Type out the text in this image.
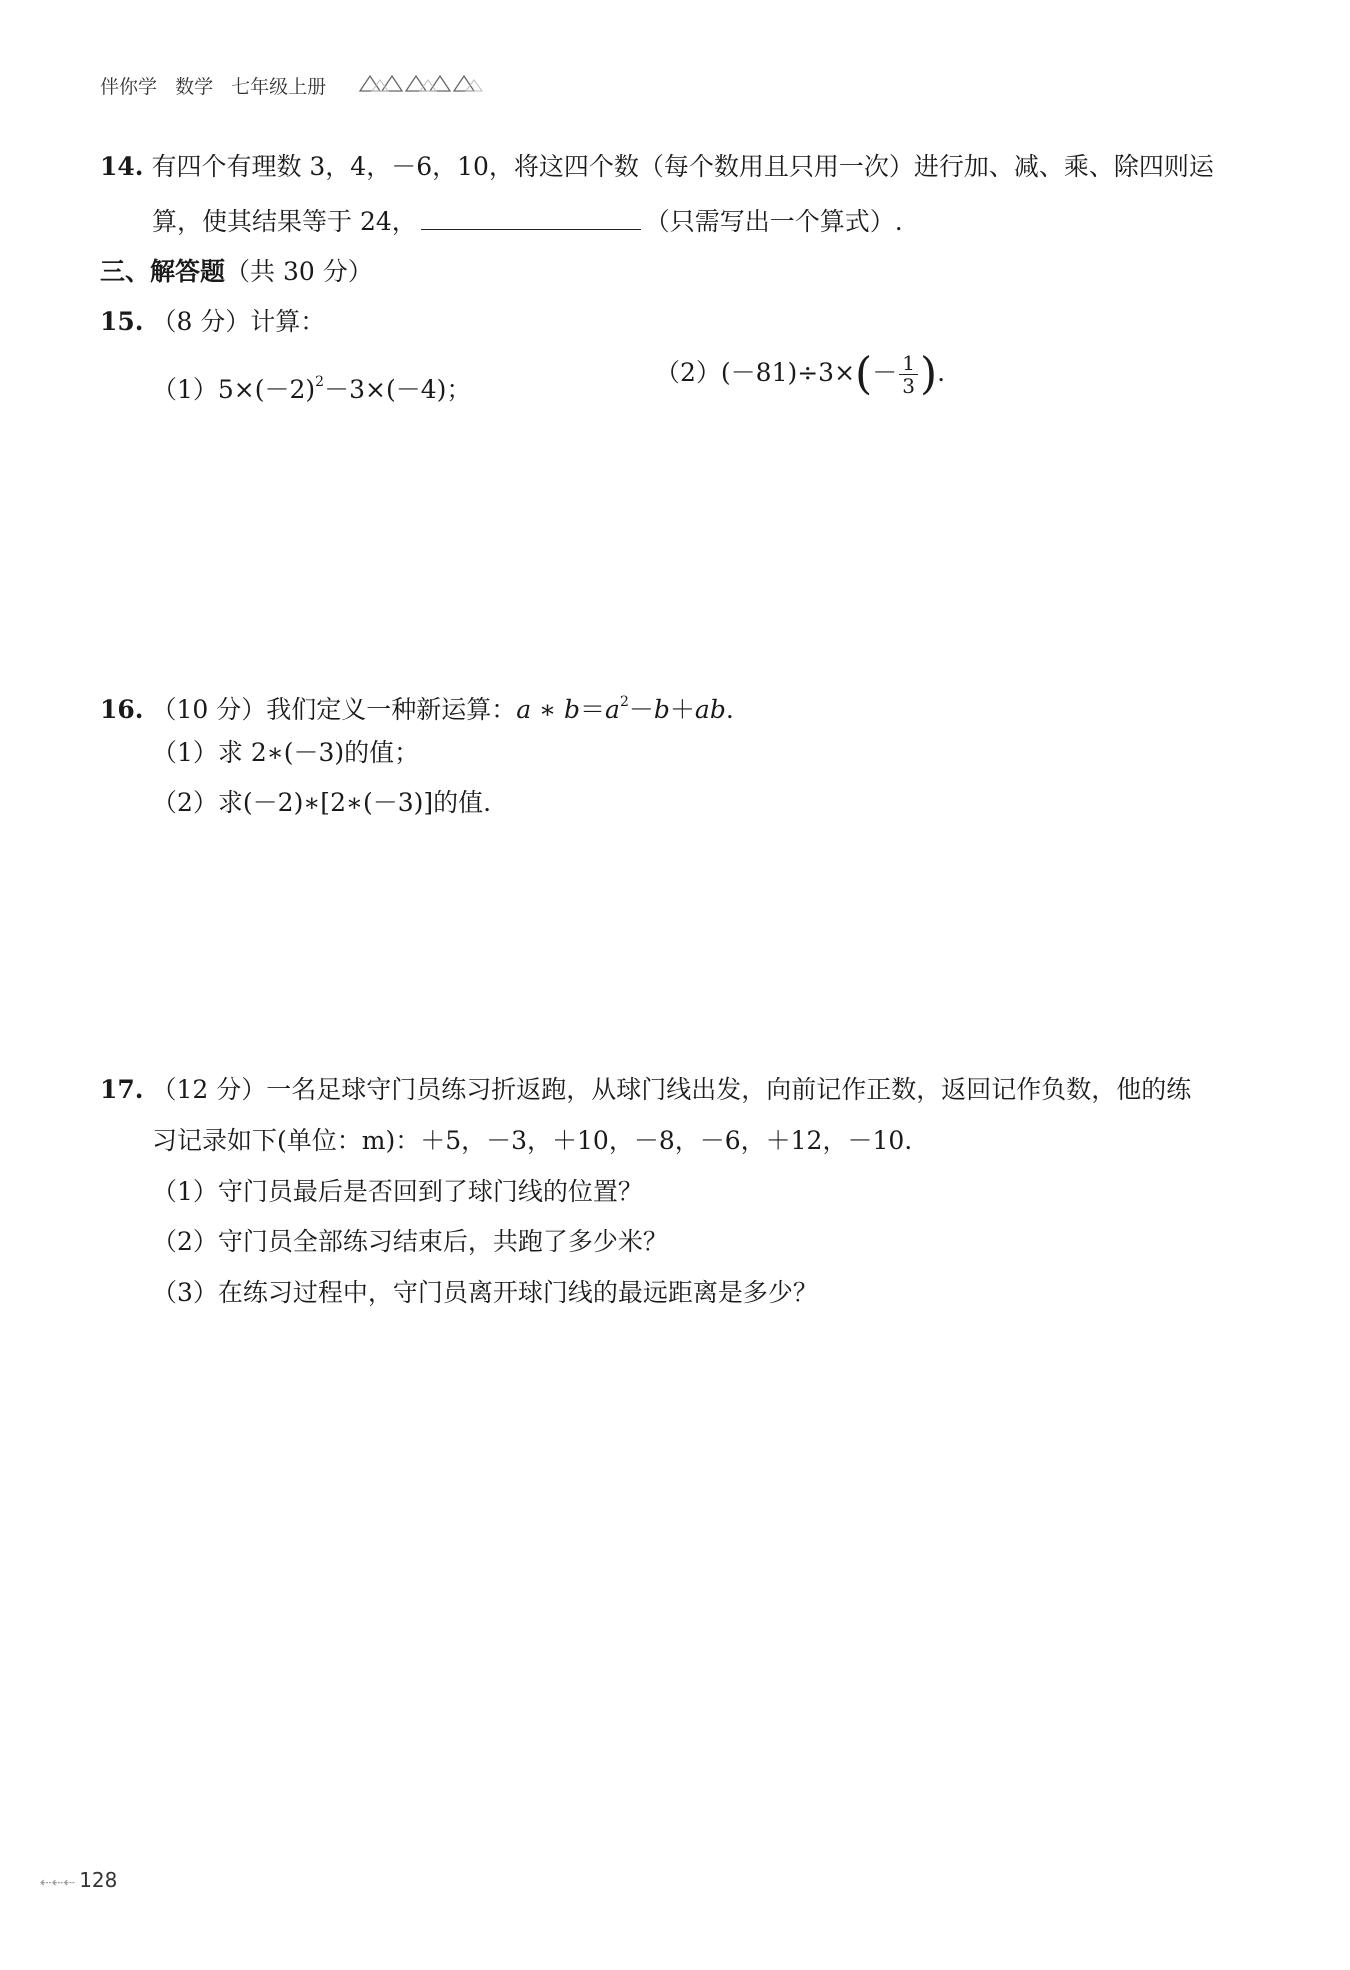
伴你学 数学 七年级上册
14. 有四个有理数 3，4，－6，10，将这四个数（每个数用且只用一次）进行加、减、乘、除四则运
算，使其结果等于 24，	（只需写出一个算式）.
三、解答题（共 30 分）
15. （8 分）计算：
$(1)5\times(-2)^2-3\times(-4)$；
$(2)(-81)\div 3\times(- \frac{1}{3}$ ).
16. （10 分）我们定义一种新运算：a ∗ $b=a^2-b+ab$.
（1）求 2∗(－3)的值；
（2）求(－2)∗[2∗(－3)]的值.
17. （12 分）一名足球守门员练习折返跑，从球门线出发，向前记作正数，返回记作负数，他的练
习记录如下(单位：m)：＋5，－3，＋10，－8，－6，＋12，－10.
（1）守门员最后是否回到了球门线的位置？
（2）守门员全部练习结束后，共跑了多少米？
（3）在练习过程中，守门员离开球门线的最远距离是多少？
⇠⇠⇠ 128
